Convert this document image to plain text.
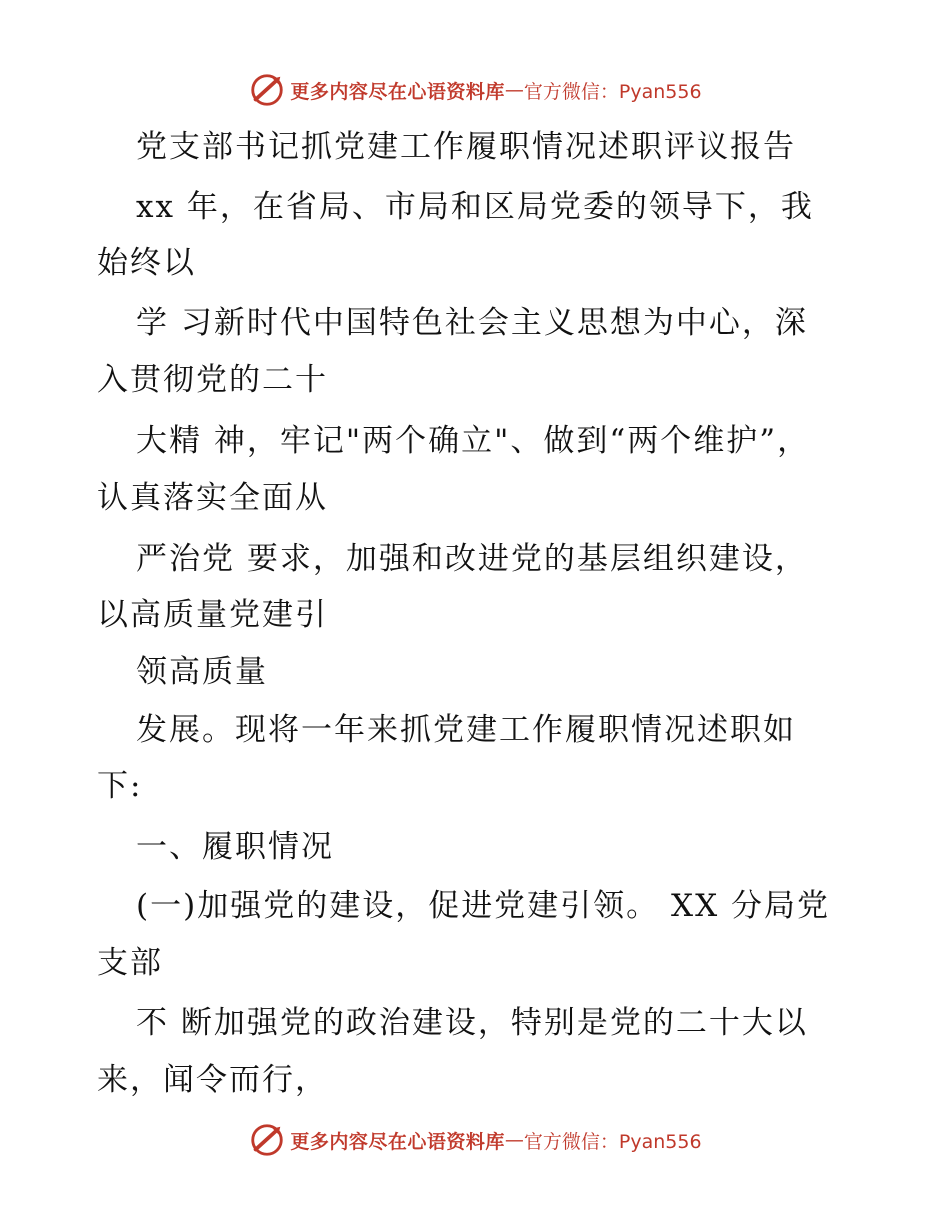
更多内容尽在心语资料库 — 官方微信：Pyan556
党支部书记抓党建工作履职情况述职评议报告
xx 年，在省局、市局和区局党委的领导下，我
始终以
学 习新时代中国特色社会主义思想为中心，深
入贯彻党的二十
大精 神，牢记"两个确立"、做到“两个维护”，
认真落实全面从
严治党 要求，加强和改进党的基层组织建设，
以高质量党建引
领高质量
发展。现将一年来抓党建工作履职情况述职如
下:
一、履职情况
(一)加强党的建设，促进党建引领。 XX 分局党
支部
不 断加强党的政治建设，特别是党的二十大以
来，闻令而行，
更多内容尽在心语资料库 — 官方微信：Pyan556
